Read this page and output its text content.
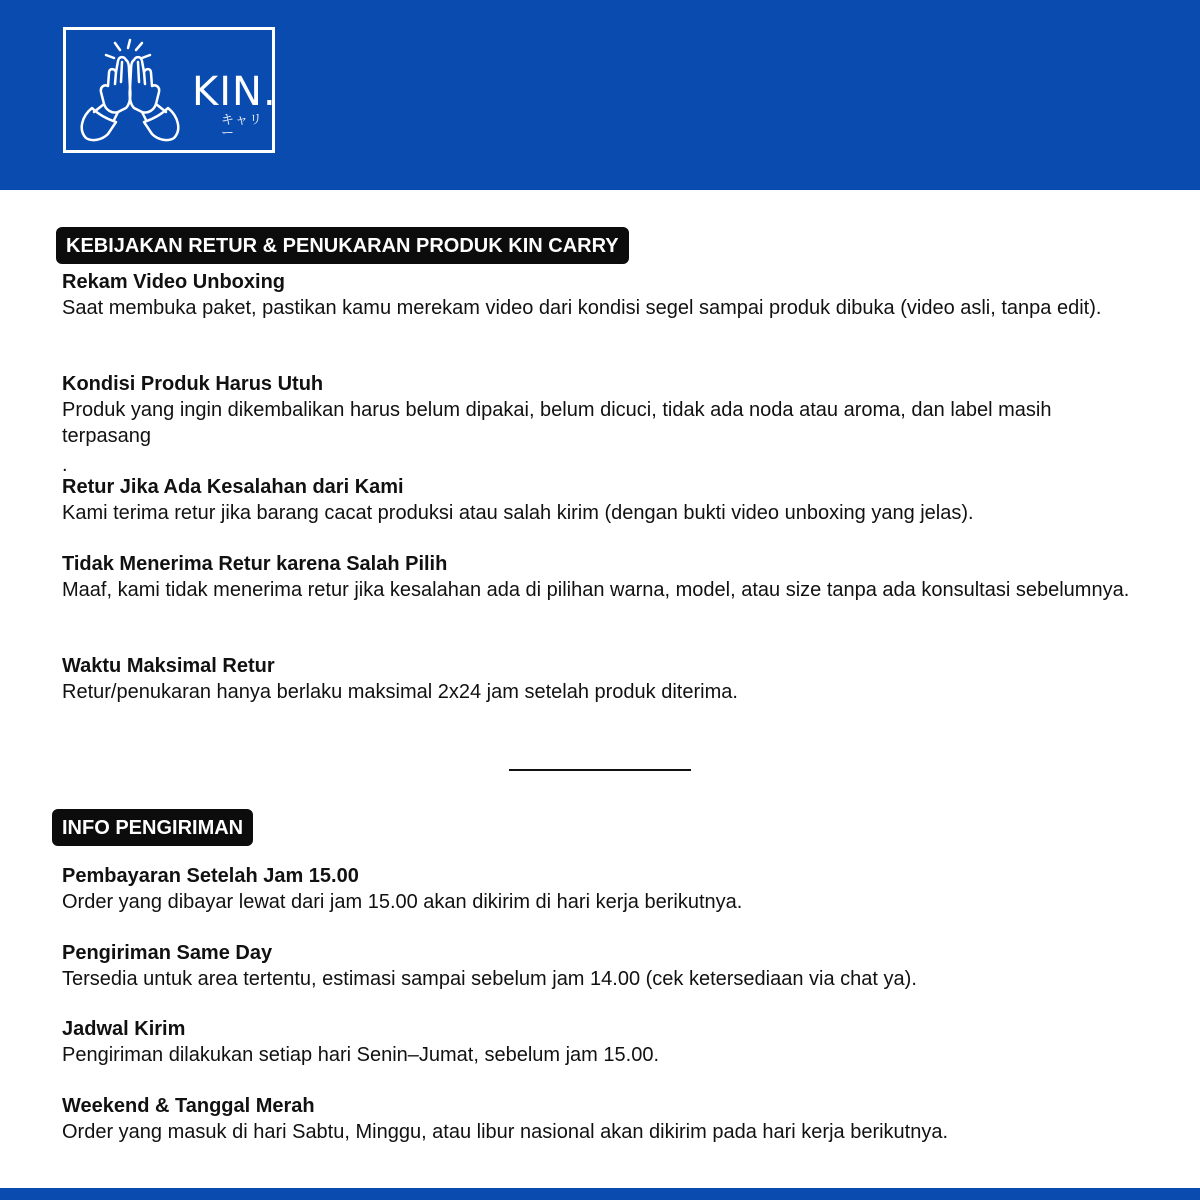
KIN.
キャリー
KEBIJAKAN RETUR & PENUKARAN PRODUK KIN CARRY
Rekam Video Unboxing
Saat membuka paket, pastikan kamu merekam video dari kondisi segel sampai produk dibuka (video asli, tanpa edit).
Kondisi Produk Harus Utuh
Produk yang ingin dikembalikan harus belum dipakai, belum dicuci, tidak ada noda atau aroma, dan label masih terpasang
.
Retur Jika Ada Kesalahan dari Kami
Kami terima retur jika barang cacat produksi atau salah kirim (dengan bukti video unboxing yang jelas).
Tidak Menerima Retur karena Salah Pilih
Maaf, kami tidak menerima retur jika kesalahan ada di pilihan warna, model, atau size tanpa ada konsultasi sebelumnya.
Waktu Maksimal Retur
Retur/penukaran hanya berlaku maksimal 2x24 jam setelah produk diterima.
INFO PENGIRIMAN
Pembayaran Setelah Jam 15.00
Order yang dibayar lewat dari jam 15.00 akan dikirim di hari kerja berikutnya.
Pengiriman Same Day
Tersedia untuk area tertentu, estimasi sampai sebelum jam 14.00 (cek ketersediaan via chat ya).
Jadwal Kirim
Pengiriman dilakukan setiap hari Senin–Jumat, sebelum jam 15.00.
Weekend & Tanggal Merah
Order yang masuk di hari Sabtu, Minggu, atau libur nasional akan dikirim pada hari kerja berikutnya.
